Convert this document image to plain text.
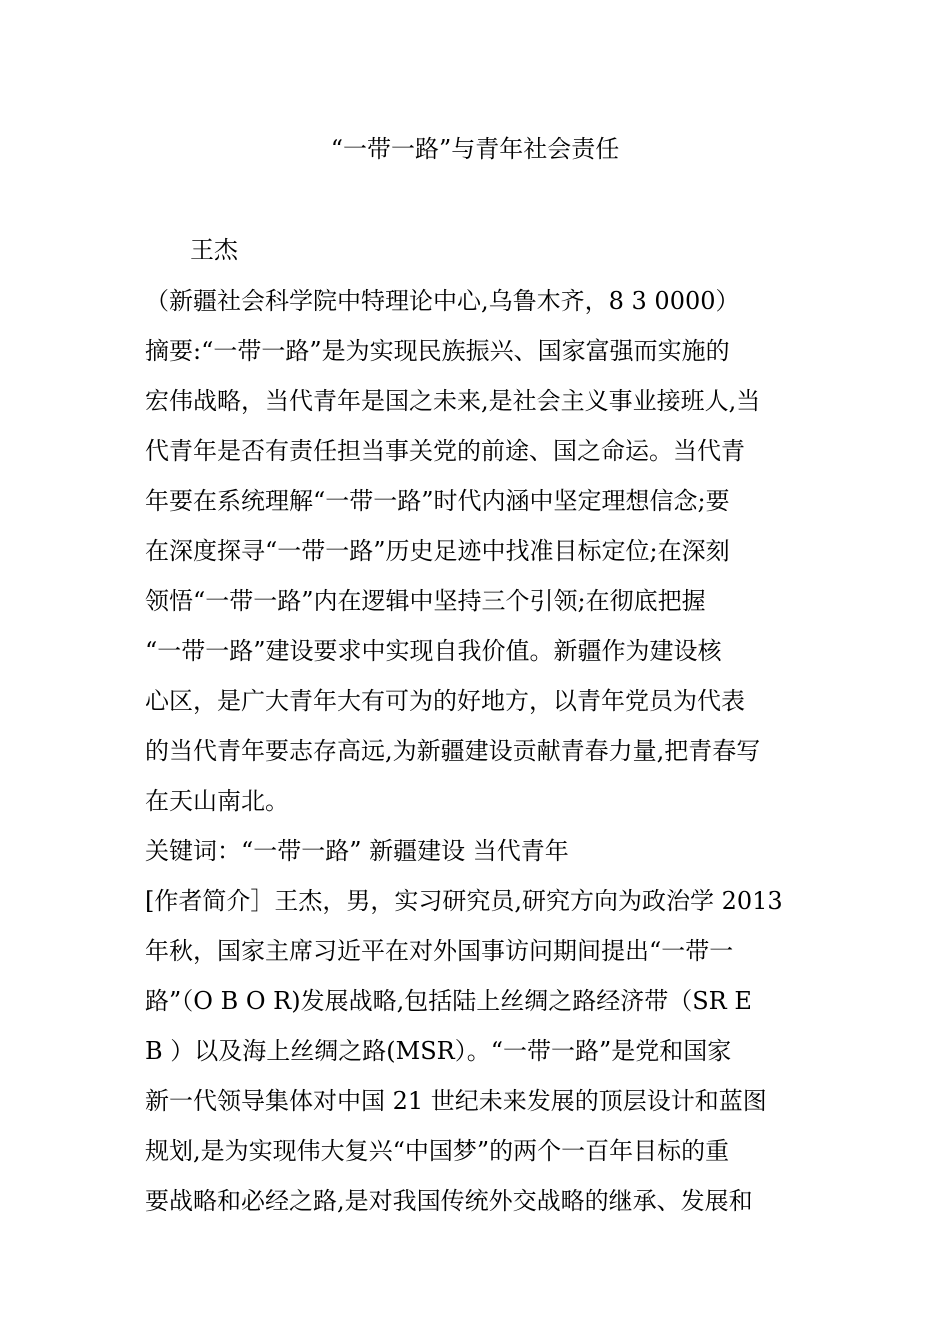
“一带一路”与青年社会责任
王杰
（新疆社会科学院中特理论中心,乌鲁木齐，8 3 0000）
摘要:“一带一路”是为实现民族振兴、国家富强而实施的
宏伟战略，当代青年是国之未来,是社会主义事业接班人,当
代青年是否有责任担当事关党的前途、国之命运。当代青
年要在系统理解“一带一路”时代内涵中坚定理想信念;要
在深度探寻“一带一路”历史足迹中找准目标定位;在深刻
领悟“一带一路”内在逻辑中坚持三个引领;在彻底把握
“一带一路”建设要求中实现自我价值。新疆作为建设核
心区，是广大青年大有可为的好地方，以青年党员为代表
的当代青年要志存高远,为新疆建设贡献青春力量,把青春写
在天山南北。
关键词：“一带一路” 新疆建设 当代青年
[作者简介］王杰，男，实习研究员,研究方向为政治学 2013
年秋，国家主席习近平在对外国事访问期间提出“一带一
路”（O B O R)发展战略,包括陆上丝绸之路经济带（SR E
B ）以及海上丝绸之路(MSR）。“一带一路”是党和国家
新一代领导集体对中国 21 世纪未来发展的顶层设计和蓝图
规划,是为实现伟大复兴“中国梦”的两个一百年目标的重
要战略和必经之路,是对我国传统外交战略的继承、发展和
